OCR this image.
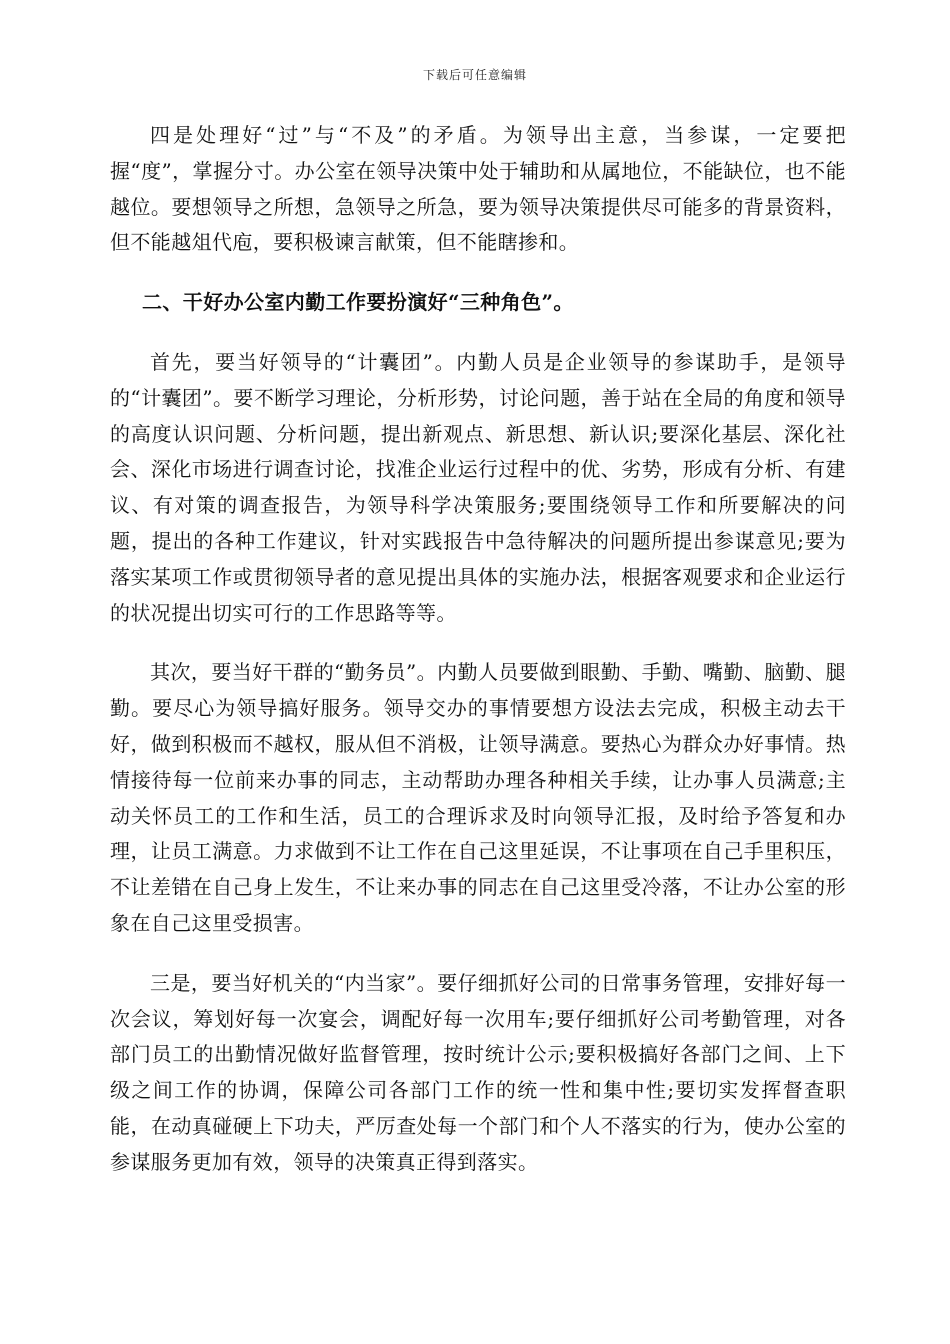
下载后可任意编辑

四是处理好“过”与“不及”的矛盾。为领导出主意，当参谋，一定要把握“度”，掌握分寸。办公室在领导决策中处于辅助和从属地位，不能缺位，也不能越位。要想领导之所想，急领导之所急，要为领导决策提供尽可能多的背景资料，但不能越俎代庖，要积极谏言献策，但不能瞎掺和。

二、干好办公室内勤工作要扮演好“三种角色”。

首先，要当好领导的“计囊团”。内勤人员是企业领导的参谋助手，是领导的“计囊团”。要不断学习理论，分析形势，讨论问题，善于站在全局的角度和领导的高度认识问题、分析问题，提出新观点、新思想、新认识;要深化基层、深化社会、深化市场进行调查讨论，找准企业运行过程中的优、劣势，形成有分析、有建议、有对策的调查报告，为领导科学决策服务;要围绕领导工作和所要解决的问题，提出的各种工作建议，针对实践报告中急待解决的问题所提出参谋意见;要为落实某项工作或贯彻领导者的意见提出具体的实施办法，根据客观要求和企业运行的状况提出切实可行的工作思路等等。

其次，要当好干群的“勤务员”。内勤人员要做到眼勤、手勤、嘴勤、脑勤、腿勤。要尽心为领导搞好服务。领导交办的事情要想方设法去完成，积极主动去干好，做到积极而不越权，服从但不消极，让领导满意。要热心为群众办好事情。热情接待每一位前来办事的同志，主动帮助办理各种相关手续，让办事人员满意;主动关怀员工的工作和生活，员工的合理诉求及时向领导汇报，及时给予答复和办理，让员工满意。力求做到不让工作在自己这里延误，不让事项在自己手里积压，不让差错在自己身上发生，不让来办事的同志在自己这里受冷落，不让办公室的形象在自己这里受损害。

三是，要当好机关的“内当家”。要仔细抓好公司的日常事务管理，安排好每一次会议，筹划好每一次宴会，调配好每一次用车;要仔细抓好公司考勤管理，对各部门员工的出勤情况做好监督管理，按时统计公示;要积极搞好各部门之间、上下级之间工作的协调，保障公司各部门工作的统一性和集中性;要切实发挥督查职能，在动真碰硬上下功夫，严厉查处每一个部门和个人不落实的行为，使办公室的参谋服务更加有效，领导的决策真正得到落实。
